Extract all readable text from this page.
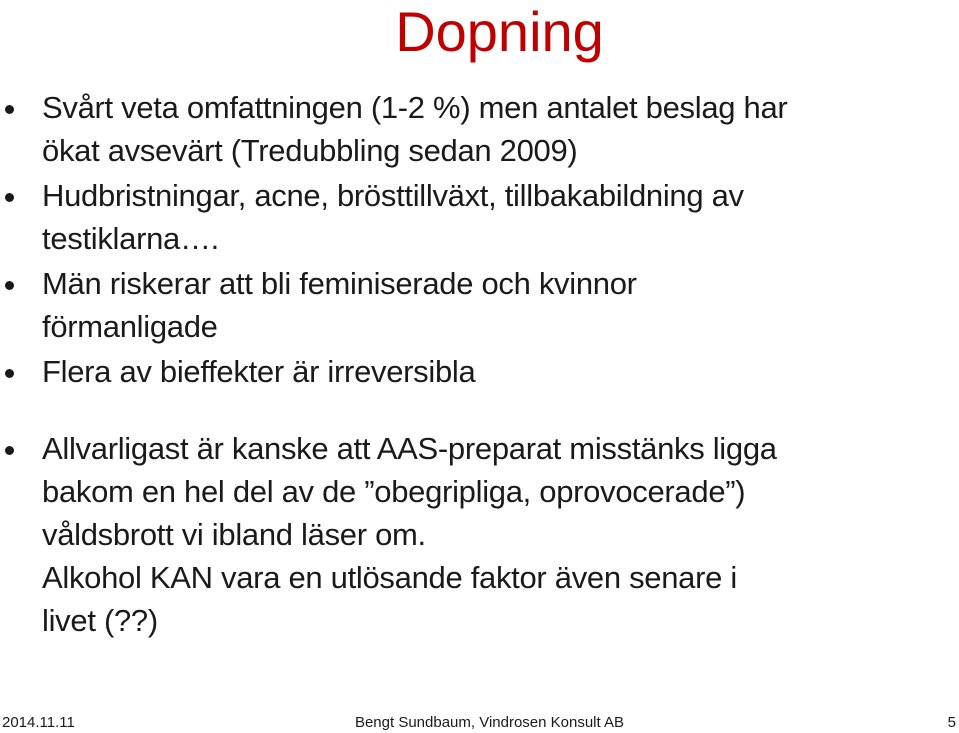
Dopning
Svårt veta omfattningen (1-2 %) men antalet beslag har
ökat avsevärt (Tredubbling sedan 2009)
Hudbristningar, acne, brösttillväxt, tillbakabildning av
testiklarna….
Män riskerar att bli feminiserade och kvinnor
förmanligade
Flera av bieffekter är irreversibla
Allvarligast är kanske att AAS-preparat misstänks ligga
bakom en hel del av de ”obegripliga, oprovocerade”)
våldsbrott vi ibland läser om.
Alkohol KAN vara en utlösande faktor även senare i
livet (??)
2014.11.11	Bengt Sundbaum, Vindrosen Konsult AB	5
